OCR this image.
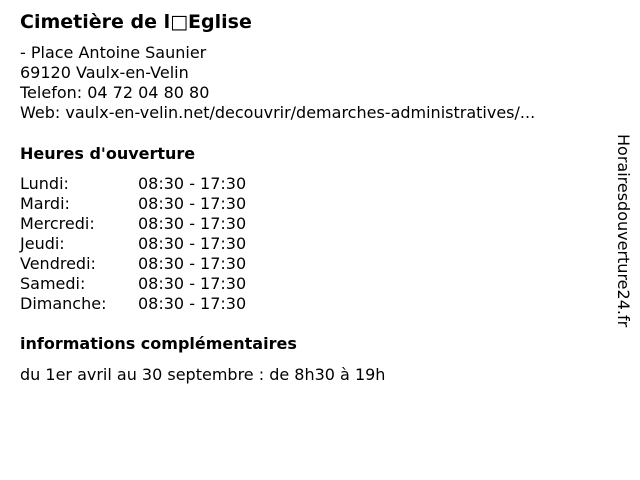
Cimetière de l□Eglise
- Place Antoine Saunier
69120 Vaulx-en-Velin
Telefon: 04 72 04 80 80
Web: vaulx-en-velin.net/decouvrir/demarches-administratives/...
Heures d'ouverture
Lundi:	08:30 - 17:30
Mardi:	08:30 - 17:30
Mercredi:	08:30 - 17:30
Jeudi:	08:30 - 17:30
Vendredi:	08:30 - 17:30
Samedi:	08:30 - 17:30
Dimanche:	08:30 - 17:30
informations complémentaires
du 1er avril au 30 septembre : de 8h30 à 19h
Horairesdouverture24.fr
